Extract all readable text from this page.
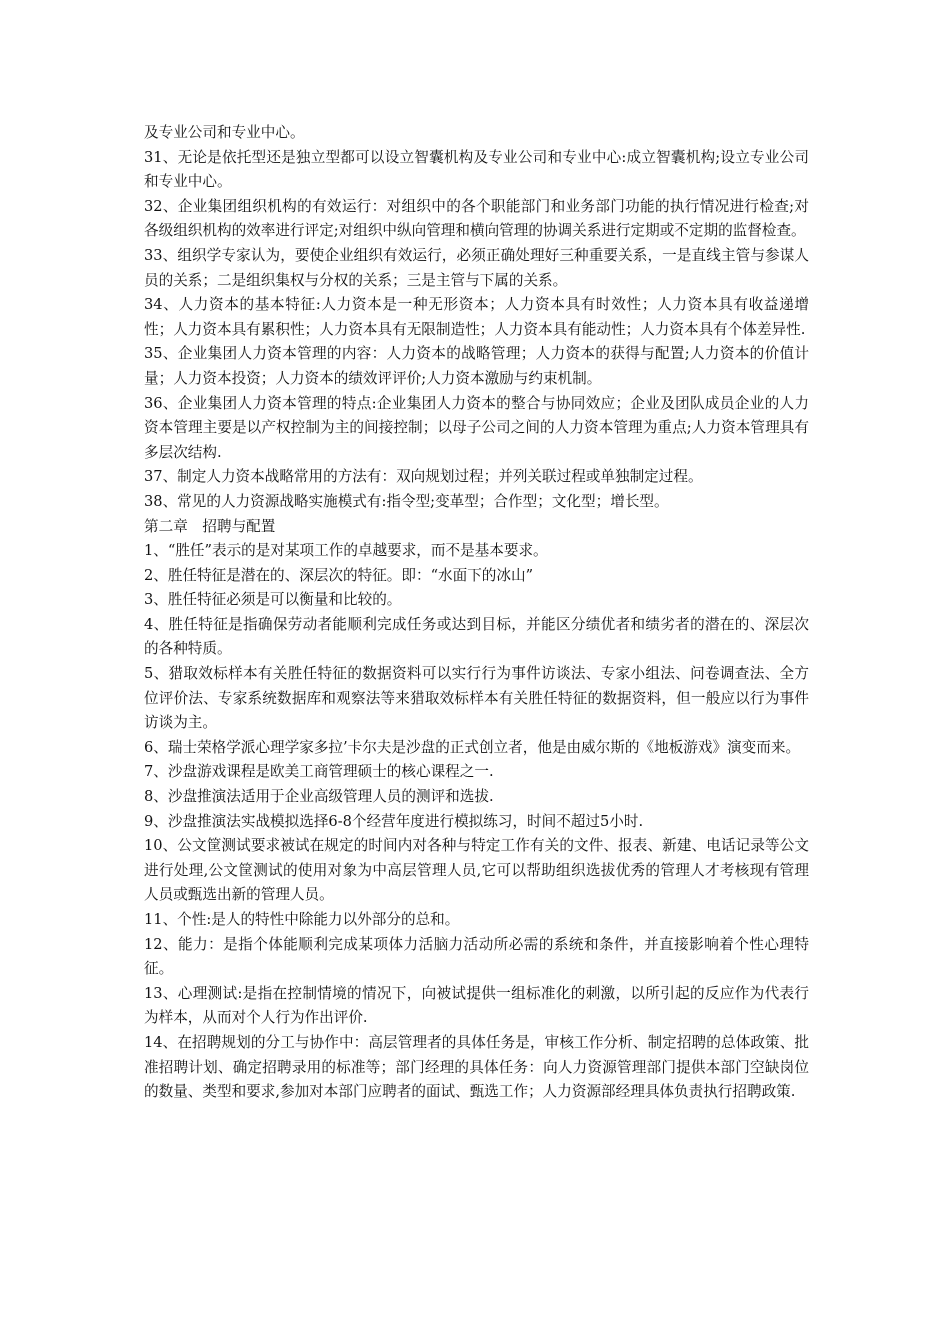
及专业公司和专业中心。

31、无论是依托型还是独立型都可以设立智囊机构及专业公司和专业中心:成立智囊机构;设立专业公司和专业中心。

32、企业集团组织机构的有效运行：对组织中的各个职能部门和业务部门功能的执行情况进行检查;对各级组织机构的效率进行评定;对组织中纵向管理和横向管理的协调关系进行定期或不定期的监督检查。

33、组织学专家认为，要使企业组织有效运行，必须正确处理好三种重要关系，一是直线主管与参谋人员的关系；二是组织集权与分权的关系；三是主管与下属的关系。

34、人力资本的基本特征:人力资本是一种无形资本；人力资本具有时效性；人力资本具有收益递增性；人力资本具有累积性；人力资本具有无限制造性；人力资本具有能动性；人力资本具有个体差异性.

35、企业集团人力资本管理的内容：人力资本的战略管理；人力资本的获得与配置;人力资本的价值计量；人力资本投资；人力资本的绩效评评价;人力资本激励与约束机制。

36、企业集团人力资本管理的特点:企业集团人力资本的整合与协同效应；企业及团队成员企业的人力资本管理主要是以产权控制为主的间接控制；以母子公司之间的人力资本管理为重点;人力资本管理具有多层次结构.

37、制定人力资本战略常用的方法有：双向规划过程；并列关联过程或单独制定过程。

38、常见的人力资源战略实施模式有:指令型;变革型；合作型；文化型；增长型。

第二章　招聘与配置

1、“胜任”表示的是对某项工作的卓越要求，而不是基本要求。

2、胜任特征是潜在的、深层次的特征。即：“水面下的冰山”

3、胜任特征必须是可以衡量和比较的。

4、胜任特征是指确保劳动者能顺利完成任务或达到目标，并能区分绩优者和绩劣者的潜在的、深层次的各种特质。

5、猎取效标样本有关胜任特征的数据资料可以实行行为事件访谈法、专家小组法、问卷调查法、全方位评价法、专家系统数据库和观察法等来猎取效标样本有关胜任特征的数据资料，但一般应以行为事件访谈为主。

6、瑞士荣格学派心理学家多拉’卡尔夫是沙盘的正式创立者，他是由威尔斯的《地板游戏》演变而来。

7、沙盘游戏课程是欧美工商管理硕士的核心课程之一.

8、沙盘推演法适用于企业高级管理人员的测评和选拔.

9、沙盘推演法实战模拟选择6-8个经营年度进行模拟练习，时间不超过5小时.

10、公文筐测试要求被试在规定的时间内对各种与特定工作有关的文件、报表、新建、电话记录等公文进行处理,公文筐测试的使用对象为中高层管理人员,它可以帮助组织选拔优秀的管理人才考核现有管理人员或甄选出新的管理人员。

11、个性:是人的特性中除能力以外部分的总和。

12、能力：是指个体能顺利完成某项体力活脑力活动所必需的系统和条件，并直接影响着个性心理特征。

13、心理测试:是指在控制情境的情况下，向被试提供一组标准化的刺激，以所引起的反应作为代表行为样本，从而对个人行为作出评价.

14、在招聘规划的分工与协作中：高层管理者的具体任务是，审核工作分析、制定招聘的总体政策、批准招聘计划、确定招聘录用的标准等；部门经理的具体任务：向人力资源管理部门提供本部门空缺岗位的数量、类型和要求,参加对本部门应聘者的面试、甄选工作；人力资源部经理具体负责执行招聘政策.
